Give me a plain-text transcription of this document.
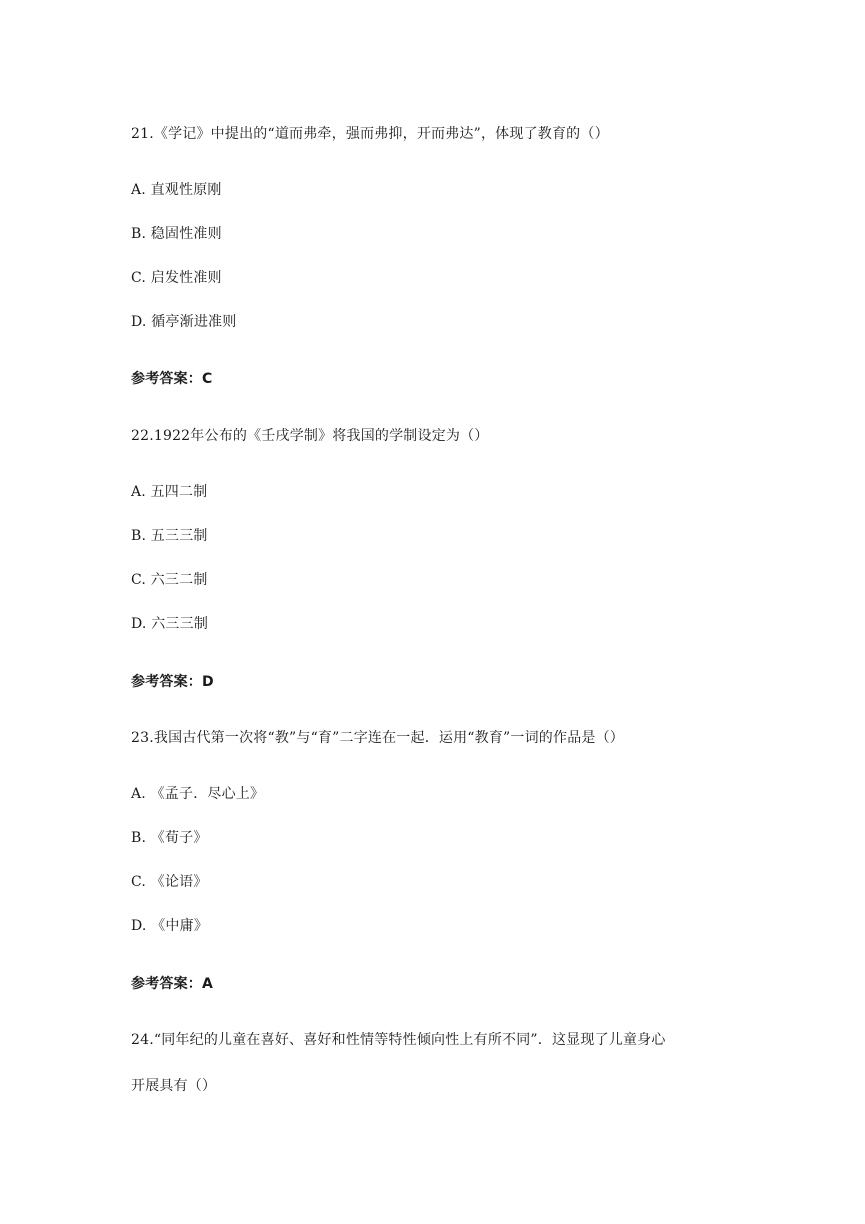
21.《学记》中提出的“道而弗牵，强而弗抑，开而弗达”，体现了教育的（）
A. 直观性原刚
B. 稳固性准则
C. 启发性准则
D. 循亭渐进准则
参考答案：C
22.1922年公布的《壬戌学制》将我国的学制设定为（）
A. 五四二制
B. 五三三制
C. 六三二制
D. 六三三制
参考答案：D
23.我国古代第一次将“教”与“育”二字连在一起．运用“教育”一词的作品是（）
A. 《孟子．尽心上》
B. 《荀子》
C. 《论语》
D. 《中庸》
参考答案：A
24.“同年纪的儿童在喜好、喜好和性情等特性倾向性上有所不同”．这显现了儿童身心
开展具有（）
